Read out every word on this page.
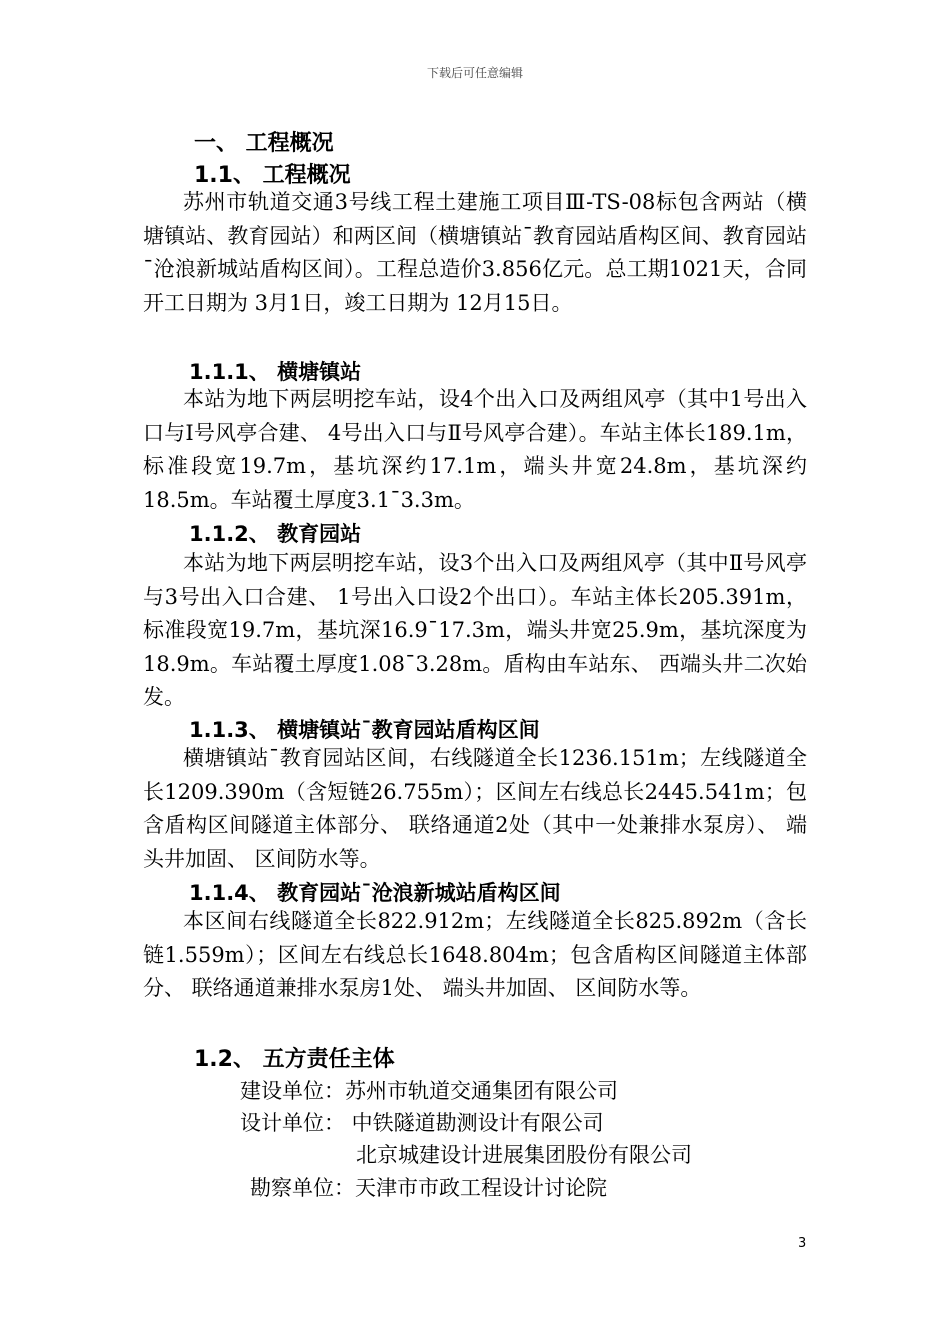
下载后可任意编辑
一、 工程概况
1.1、 工程概况

苏州市轨道交通3号线工程土建施工项目Ⅲ-TS-08标包含两站（横塘镇站、教育园站）和两区间（横塘镇站¯教育园站盾构区间、教育园站¯沧浪新城站盾构区间）。工程总造价3.856亿元。总工期1021天，合同开工日期为 3月1日，竣工日期为 12月15日。

1.1.1、 横塘镇站

本站为地下两层明挖车站，设4个出入口及两组风亭（其中1号出入口与Ⅰ号风亭合建、 4号出入口与Ⅱ号风亭合建）。车站主体长189.1m，标准段宽19.7m，基坑深约17.1m，端头井宽24.8m，基坑深约18.5m。车站覆土厚度3.1¯3.3m。

1.1.2、 教育园站

本站为地下两层明挖车站，设3个出入口及两组风亭（其中Ⅱ号风亭与3号出入口合建、 1号出入口设2个出口）。车站主体长205.391m，标准段宽19.7m，基坑深16.9¯17.3m，端头井宽25.9m，基坑深度为18.9m。车站覆土厚度1.08¯3.28m。盾构由车站东、 西端头井二次始发。

1.1.3、 横塘镇站¯教育园站盾构区间

横塘镇站¯教育园站区间，右线隧道全长1236.151m；左线隧道全长1209.390m（含短链26.755m）；区间左右线总长2445.541m；包含盾构区间隧道主体部分、 联络通道2处（其中一处兼排水泵房）、 端头井加固、 区间防水等。

1.1.4、 教育园站¯沧浪新城站盾构区间

本区间右线隧道全长822.912m；左线隧道全长825.892m（含长链1.559m）；区间左右线总长1648.804m；包含盾构区间隧道主体部分、 联络通道兼排水泵房1处、 端头井加固、 区间防水等。

1.2、 五方责任主体
建设单位：苏州市轨道交通集团有限公司
设计单位： 中铁隧道勘测设计有限公司
北京城建设计进展集团股份有限公司
勘察单位：天津市市政工程设计讨论院
3
